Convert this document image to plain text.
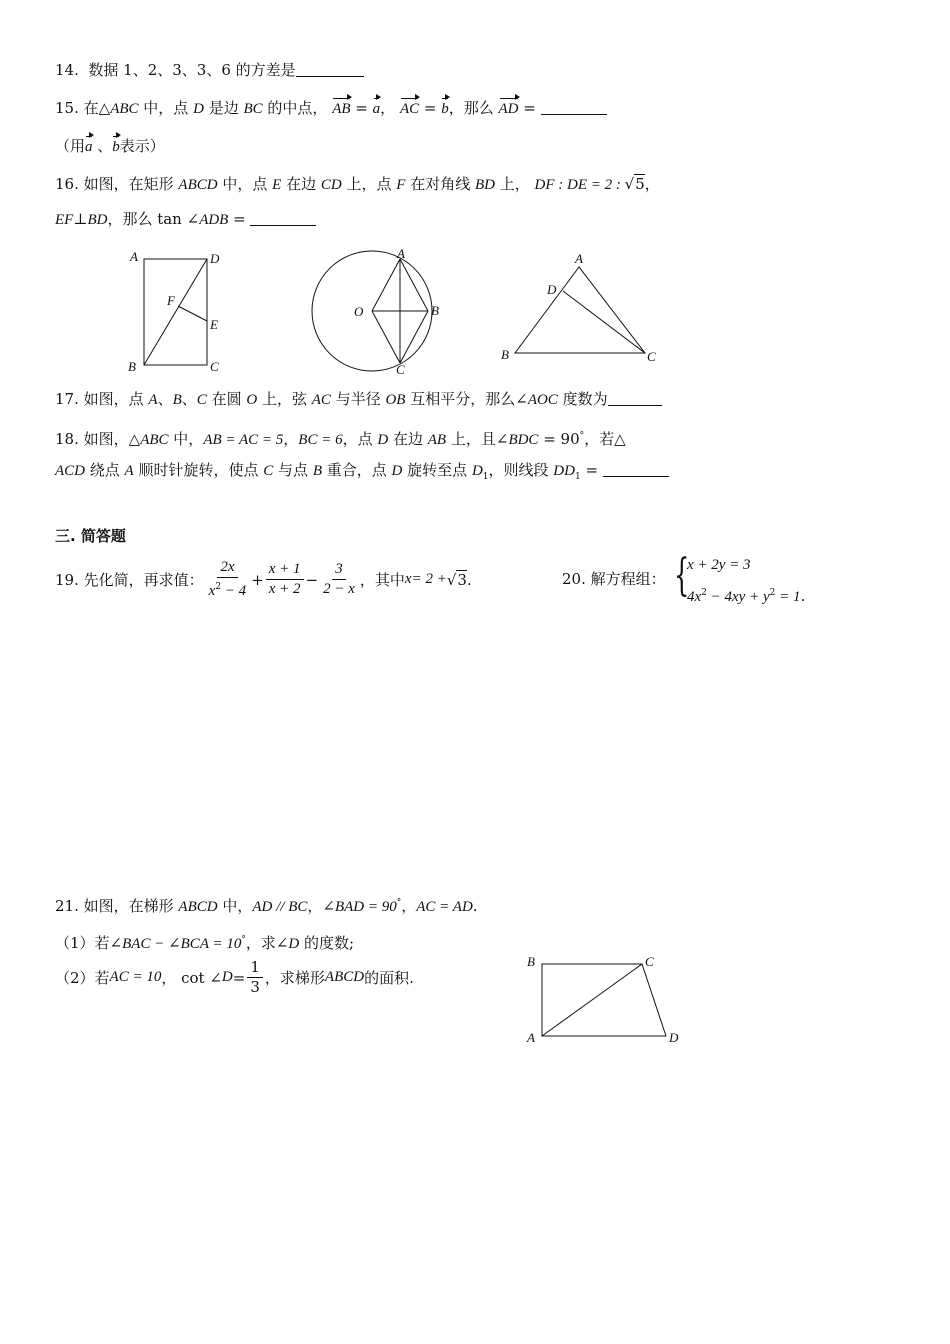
14. 数据 1、2、3、3、6 的方差是
15. 在△ABC 中，点 D 是边 BC 的中点， AB = a， AC = b，那么 AD =
（用a 、b表示）
16. 如图，在矩形 ABCD 中，点 E 在边 CD 上，点 F 在对角线 BD 上， DF : DE = 2 : √5，
EF⊥BD，那么 tan ∠ADB =
A	D
F
E
B	C
A
O	B
C
A
D
B	C
17. 如图，点 A、B、C 在圆 O 上，弦 AC 与半径 OB 互相平分，那么∠AOC 度数为
18. 如图，△ABC 中，AB = AC = 5，BC = 6，点 D 在边 AB 上，且∠BDC = 90°，若△
ACD 绕点 A 顺时针旋转，使点 C 与点 B 重合，点 D 旋转至点 $D_1$，则线段 $DD_1$ =
三. 简答题
19.
先化简，再求值： $\frac{2x}{x^2 - 4} + \frac{x + 1}{x + 2} - \frac{3}{2 - x}$ ，其中 x = 2 + √ 3 .	20. 解方程组： {
x + 2y = 3
$4x^2 - 4xy + y^2 = 1$.
21. 如图，在梯形 ABCD 中，AD // BC，∠BAD = 90°，AC = AD.
（1）若∠BAC − ∠BCA = 10°，求∠D 的度数;
（2）若 AC = 10 ， cot ∠ $D = \frac{1}{3}$ ，求梯形 ABCD 的面积.
B	C
A	D
